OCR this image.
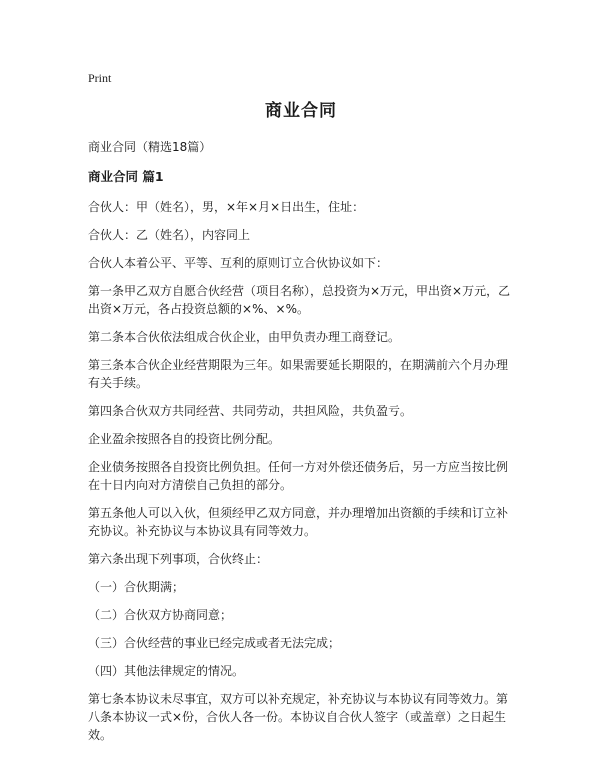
Print
商业合同
商业合同（精选18篇）
商业合同 篇1
合伙人：甲（姓名），男，×年×月×日出生，住址：
合伙人：乙（姓名），内容同上
合伙人本着公平、平等、互利的原则订立合伙协议如下：
第一条甲乙双方自愿合伙经营（项目名称），总投资为×万元，甲出资×万元，乙出资×万元，各占投资总额的×%、×%。
第二条本合伙依法组成合伙企业，由甲负责办理工商登记。
第三条本合伙企业经营期限为三年。如果需要延长期限的，在期满前六个月办理有关手续。
第四条合伙双方共同经营、共同劳动，共担风险，共负盈亏。
企业盈余按照各自的投资比例分配。
企业债务按照各自投资比例负担。任何一方对外偿还债务后，另一方应当按比例在十日内向对方清偿自己负担的部分。
第五条他人可以入伙，但须经甲乙双方同意，并办理增加出资额的手续和订立补充协议。补充协议与本协议具有同等效力。
第六条出现下列事项，合伙终止：
（一）合伙期满；
（二）合伙双方协商同意；
（三）合伙经营的事业已经完成或者无法完成；
（四）其他法律规定的情况。
第七条本协议未尽事宜，双方可以补充规定，补充协议与本协议有同等效力。第八条本协议一式×份，合伙人各一份。本协议自合伙人签字（或盖章）之日起生效。
